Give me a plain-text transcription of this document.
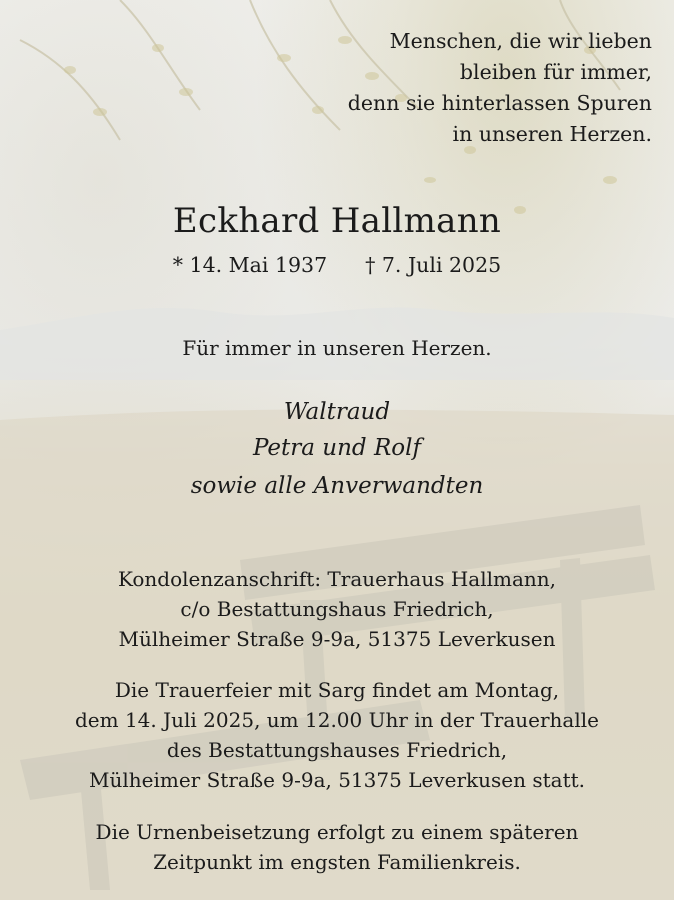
Menschen, die wir lieben
bleiben für immer,
denn sie hinterlassen Spuren
in unseren Herzen.
Eckhard Hallmann
* 14. Mai 1937 † 7. Juli 2025
Für immer in unseren Herzen.
Waltraud
Petra und Rolf
sowie alle Anverwandten
Kondolenzanschrift: Trauerhaus Hallmann,
c/o Bestattungshaus Friedrich,
Mülheimer Straße 9-9a, 51375 Leverkusen
Die Trauerfeier mit Sarg findet am Montag,
dem 14. Juli 2025, um 12.00 Uhr in der Trauerhalle
des Bestattungshauses Friedrich,
Mülheimer Straße 9-9a, 51375 Leverkusen statt.
Die Urnenbeisetzung erfolgt zu einem späteren
Zeitpunkt im engsten Familienkreis.
